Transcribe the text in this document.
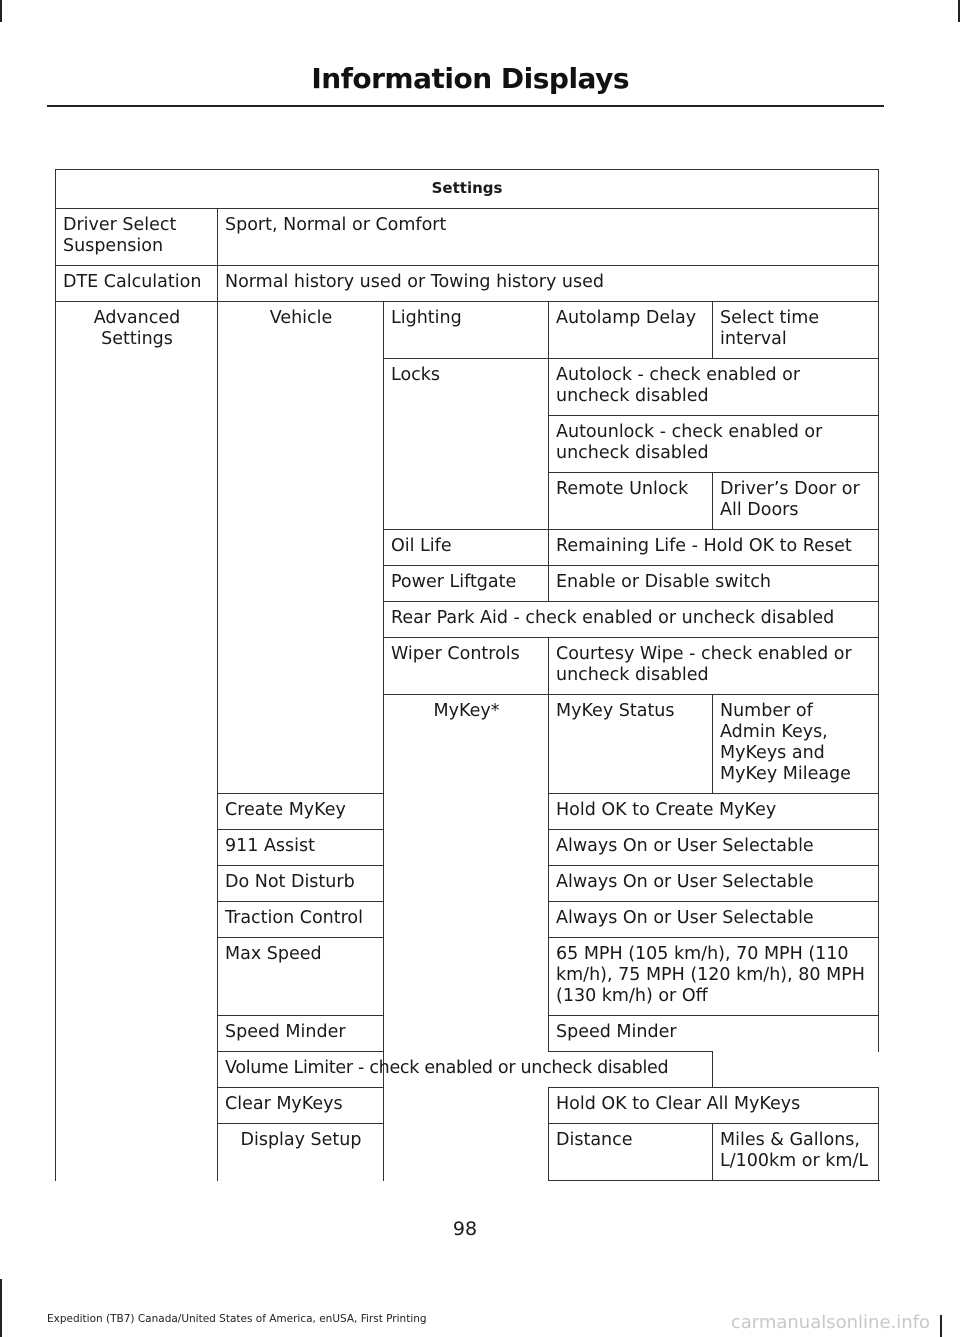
Information Displays
Settings				
Driver Select Suspension	Sport, Normal or Comfort			
DTE Calculation	Normal history used or Towing history used			
Advanced Settings	Vehicle	Lighting	Autolamp Delay	Select time interval
		Locks	Autolock - check enabled or uncheck disabled	
			Autounlock - check enabled or uncheck disabled	
			Remote Unlock	Driver’s Door or All Doors
		Oil Life	Remaining Life - Hold OK to Reset	
		Power Liftgate	Enable or Disable switch	
		Rear Park Aid - check enabled or uncheck disabled		
		Wiper Controls	Courtesy Wipe - check enabled or uncheck disabled	
		MyKey*	MyKey Status	Number of Admin Keys, MyKeys and MyKey Mileage
	Create MyKey		Hold OK to Create MyKey	
	911 Assist		Always On or User Selectable	
	Do Not Disturb		Always On or User Selectable	
	Traction Control		Always On or User Selectable	
	Max Speed		65 MPH (105 km/h), 70 MPH (110 km/h), 75 MPH (120 km/h), 80 MPH (130 km/h) or Off	
	Speed Minder		Speed Minder	
	Volume Limiter - check enabled or uncheck disabled			
	Clear MyKeys		Hold OK to Clear All MyKeys	
	Display Setup		Distance	Miles & Gallons, L/100km or km/L
98
Expedition (TB7) Canada/United States of America, enUSA, First Printing	carmanualsonline.info
